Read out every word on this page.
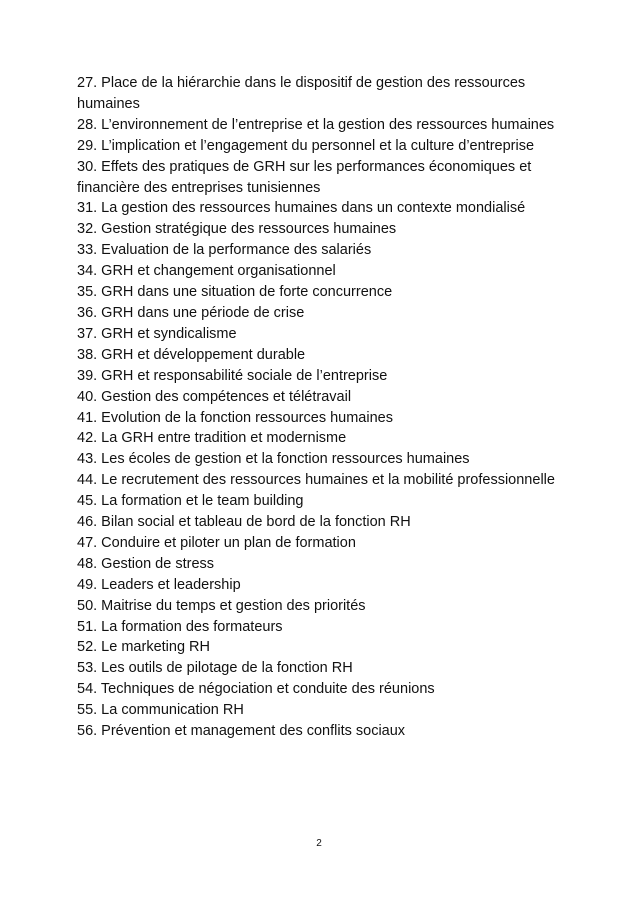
27. Place de la hiérarchie dans le dispositif de gestion des ressources humaines

28. L’environnement de l’entreprise et la gestion des ressources humaines

29. L’implication et l’engagement du personnel et la culture d’entreprise

30. Effets des pratiques de GRH sur les performances économiques et financière des entreprises tunisiennes

31. La gestion des ressources humaines dans un contexte mondialisé

32. Gestion stratégique des ressources humaines

33. Evaluation de la performance des salariés

34. GRH et changement organisationnel

35. GRH dans une situation de forte concurrence

36. GRH dans une période de crise

37. GRH et syndicalisme

38. GRH et développement durable

39. GRH et responsabilité sociale de l’entreprise

40. Gestion des compétences et télétravail

41. Evolution de la fonction ressources humaines

42. La GRH entre tradition et modernisme

43. Les écoles de gestion et la fonction ressources humaines

44. Le recrutement des ressources humaines et la mobilité professionnelle

45. La formation et le team building

46. Bilan social et tableau de bord de la fonction RH

47. Conduire et piloter un plan de formation

48. Gestion de stress

49. Leaders et leadership

50. Maitrise du temps et gestion des priorités

51. La formation des formateurs

52. Le marketing RH

53. Les outils de pilotage de la fonction RH

54. Techniques de négociation et conduite des réunions

55. La communication RH

56. Prévention et management des conflits sociaux

2
